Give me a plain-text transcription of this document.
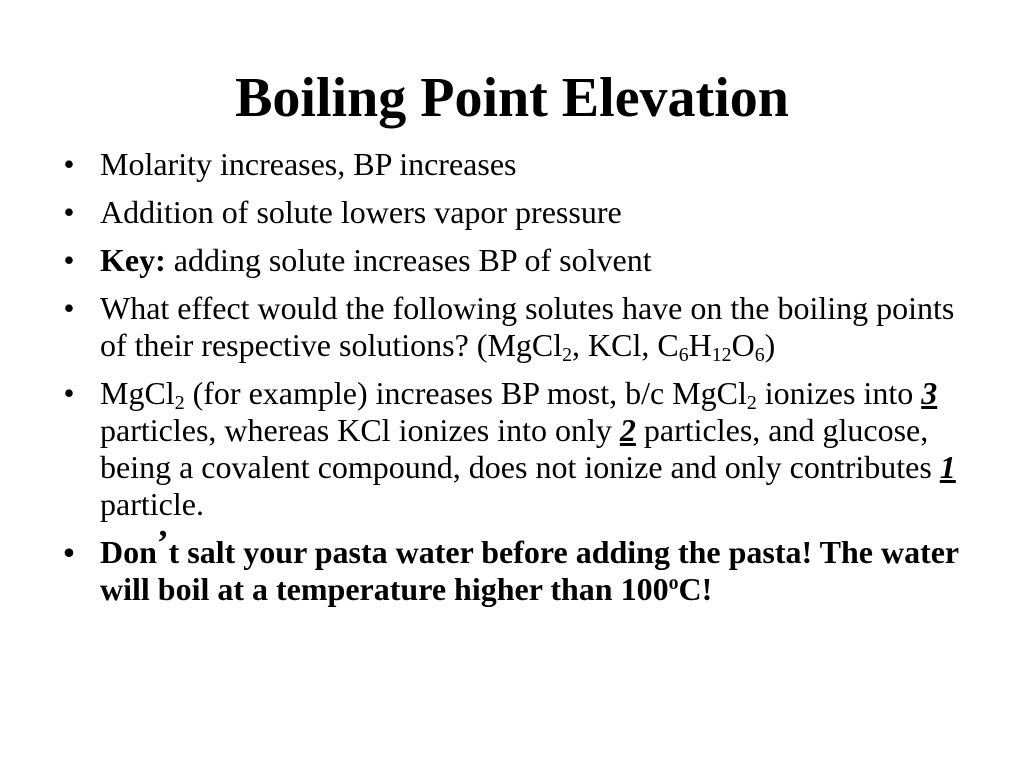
Boiling Point Elevation
• Molarity increases, BP increases
• Addition of solute lowers vapor pressure
• Key: adding solute increases BP of solvent
• What effect would the following solutes have on the boiling points of their respective solutions? (MgCl$_2$, KCl, $C_6H_{12}O_6$)
• MgCl$_2$ (for example) increases BP most, b/c MgCl$_2$ ionizes into 3 particles, whereas KCl ionizes into only 2 particles, and glucose, being a covalent compound, does not ionize and only contributes 1 particle.
• Don’t salt your pasta water before adding the pasta! The water will boil at a temperature higher than 100$^o$C!
